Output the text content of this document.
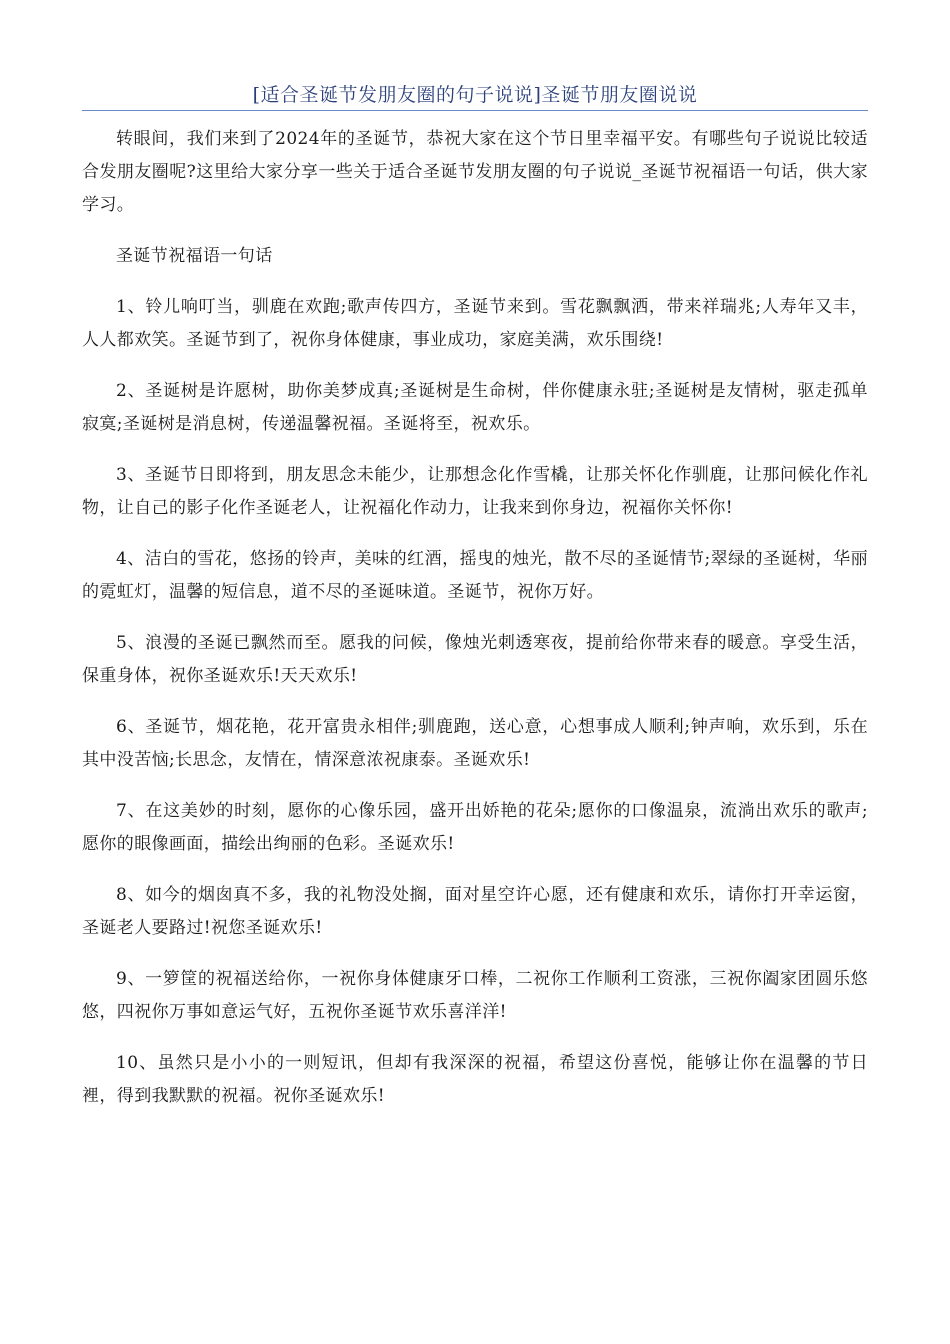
[适合圣诞节发朋友圈的句子说说]圣诞节朋友圈说说

转眼间，我们来到了2024年的圣诞节，恭祝大家在这个节日里幸福平安。有哪些句子说说比较适合发朋友圈呢?这里给大家分享一些关于适合圣诞节发朋友圈的句子说说_圣诞节祝福语一句话，供大家学习。

圣诞节祝福语一句话

1、铃儿响叮当，驯鹿在欢跑;歌声传四方，圣诞节来到。雪花飘飘洒，带来祥瑞兆;人寿年又丰，人人都欢笑。圣诞节到了，祝你身体健康，事业成功，家庭美满，欢乐围绕!

2、圣诞树是许愿树，助你美梦成真;圣诞树是生命树，伴你健康永驻;圣诞树是友情树，驱走孤单寂寞;圣诞树是消息树，传递温馨祝福。圣诞将至，祝欢乐。

3、圣诞节日即将到，朋友思念未能少，让那想念化作雪橇，让那关怀化作驯鹿，让那问候化作礼物，让自己的影子化作圣诞老人，让祝福化作动力，让我来到你身边，祝福你关怀你!

4、洁白的雪花，悠扬的铃声，美味的红酒，摇曳的烛光，散不尽的圣诞情节;翠绿的圣诞树，华丽的霓虹灯，温馨的短信息，道不尽的圣诞味道。圣诞节，祝你万好。

5、浪漫的圣诞已飘然而至。愿我的问候，像烛光刺透寒夜，提前给你带来春的暖意。享受生活，保重身体，祝你圣诞欢乐!天天欢乐!

6、圣诞节，烟花艳，花开富贵永相伴;驯鹿跑，送心意，心想事成人顺利;钟声响，欢乐到，乐在其中没苦恼;长思念，友情在，情深意浓祝康泰。圣诞欢乐!

7、在这美妙的时刻，愿你的心像乐园，盛开出娇艳的花朵;愿你的口像温泉，流淌出欢乐的歌声;愿你的眼像画面，描绘出绚丽的色彩。圣诞欢乐!

8、如今的烟囱真不多，我的礼物没处搁，面对星空许心愿，还有健康和欢乐，请你打开幸运窗，圣诞老人要路过!祝您圣诞欢乐!

9、一箩筐的祝福送给你，一祝你身体健康牙口棒，二祝你工作顺利工资涨，三祝你阖家团圆乐悠悠，四祝你万事如意运气好，五祝你圣诞节欢乐喜洋洋!

10、虽然只是小小的一则短讯，但却有我深深的祝福，希望这份喜悦，能够让你在温馨的节日裡，得到我默默的祝福。祝你圣诞欢乐!
